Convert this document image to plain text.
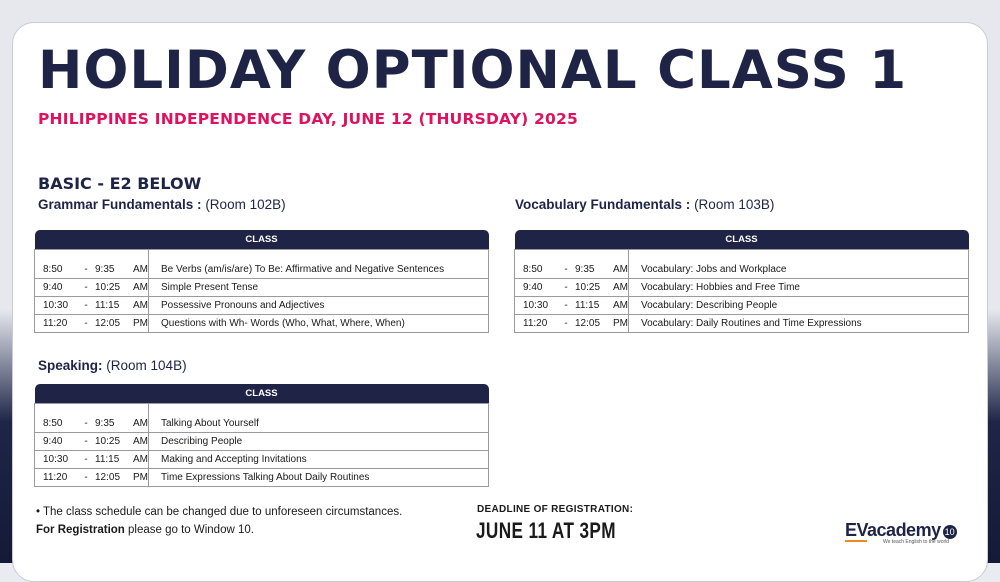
HOLIDAY OPTIONAL CLASS 1
PHILIPPINES INDEPENDENCE DAY, JUNE 12 (THURSDAY) 2025
BASIC - E2 BELOW
Grammar Fundamentals : (Room 102B)
CLASS	
8:50 - 9:35 AM	Be Verbs (am/is/are) To Be: Affirmative and Negative Sentences
9:40 - 10:25 AM	Simple Present Tense
10:30 - 11:15 AM	Possessive Pronouns and Adjectives
11:20 - 12:05 PM	Questions with Wh- Words (Who, What, Where, When)
Vocabulary Fundamentals : (Room 103B)
CLASS	
8:50 - 9:35 AM	Vocabulary: Jobs and Workplace
9:40 - 10:25 AM	Vocabulary: Hobbies and Free Time
10:30 - 11:15 AM	Vocabulary: Describing People
11:20 - 12:05 PM	Vocabulary: Daily Routines and Time Expressions
Speaking: (Room 104B)
CLASS	
8:50 - 9:35 AM	Talking About Yourself
9:40 - 10:25 AM	Describing People
10:30 - 11:15 AM	Making and Accepting Invitations
11:20 - 12:05 PM	Time Expressions Talking About Daily Routines
• The class schedule can be changed due to unforeseen circumstances.
For Registration please go to Window 10.
DEADLINE OF REGISTRATION:
JUNE 11 AT 3PM	EVacademy 10
We teach English to the world
